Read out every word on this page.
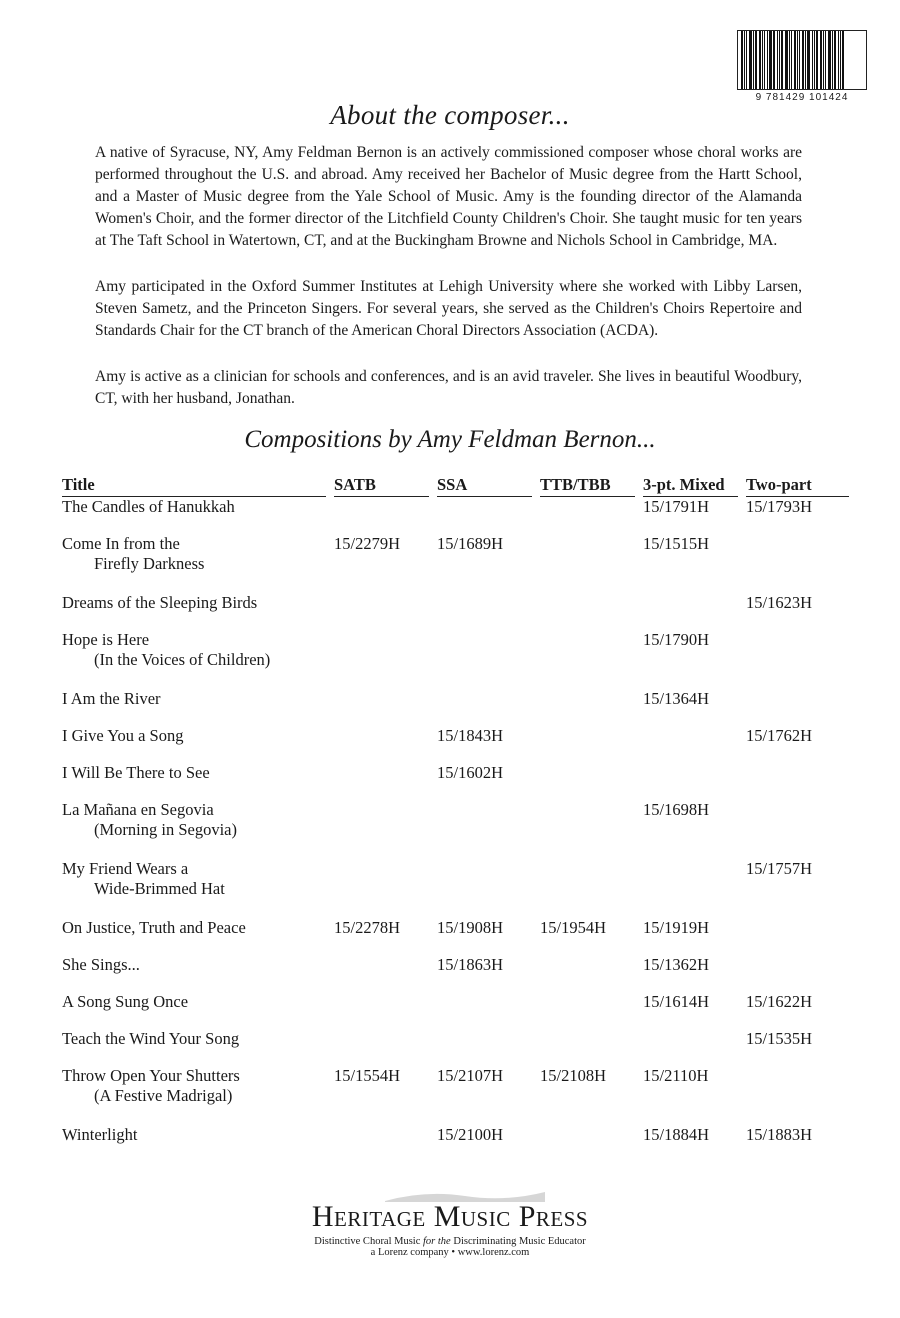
9 781429 101424
About the composer...

A native of Syracuse, NY, Amy Feldman Bernon is an actively commissioned composer whose choral works are performed throughout the U.S. and abroad. Amy received her Bachelor of Music degree from the Hartt School, and a Master of Music degree from the Yale School of Music. Amy is the founding director of the Alamanda Women's Choir, and the former director of the Litchfield County Children's Choir. She taught music for ten years at The Taft School in Watertown, CT, and at the Buckingham Browne and Nichols School in Cambridge, MA.

Amy participated in the Oxford Summer Institutes at Lehigh University where she worked with Libby Larsen, Steven Sametz, and the Princeton Singers. For several years, she served as the Children's Choirs Repertoire and Standards Chair for the CT branch of the American Choral Directors Association (ACDA).

Amy is active as a clinician for schools and conferences, and is an avid traveler. She lives in beautiful Woodbury, CT, with her husband, Jonathan.

Compositions by Amy Feldman Bernon...
Title	SATB	SSA	TTB/TBB	3-pt. Mixed	Two-part

The Candles of Hanukkah				15/1791H	15/1793H
Come In from the
Firefly Darkness	15/2279H	15/1689H		15/1515H	
Dreams of the Sleeping Birds					15/1623H
Hope is Here
(In the Voices of Children)				15/1790H	
I Am the River				15/1364H	
I Give You a Song		15/1843H			15/1762H
I Will Be There to See		15/1602H			
La Mañana en Segovia
(Morning in Segovia)				15/1698H	
My Friend Wears a
Wide-Brimmed Hat					15/1757H
On Justice, Truth and Peace	15/2278H	15/1908H	15/1954H	15/1919H	
She Sings...		15/1863H		15/1362H	
A Song Sung Once				15/1614H	15/1622H
Teach the Wind Your Song					15/1535H
Throw Open Your Shutters
(A Festive Madrigal)	15/1554H	15/2107H	15/2108H	15/2110H	
Winterlight		15/2100H		15/1884H	15/1883H
Heritage Music Press
Distinctive Choral Music for the Discriminating Music Educator
a Lorenz company • www.lorenz.com
